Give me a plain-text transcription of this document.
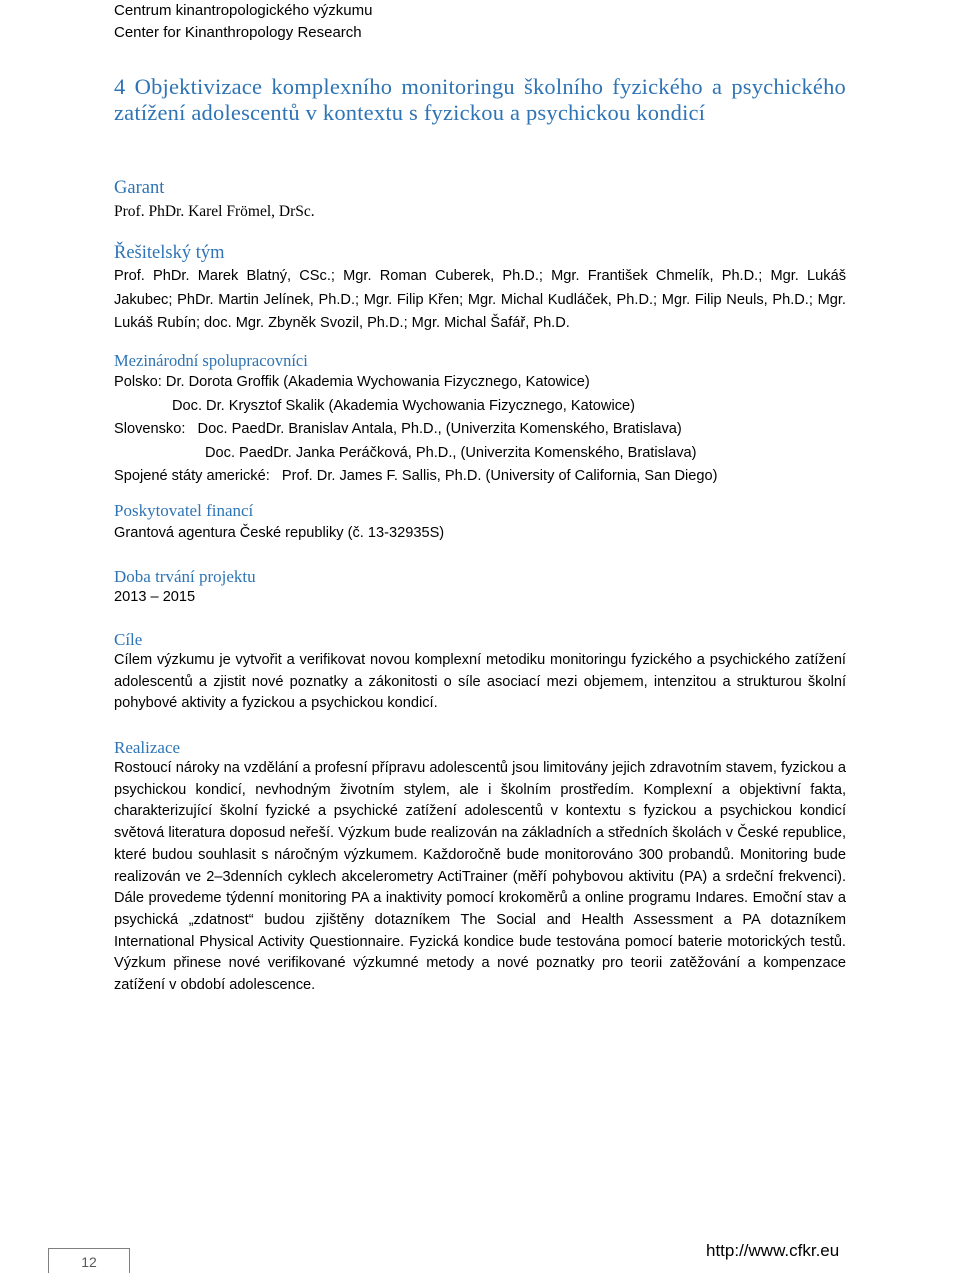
Centrum kinantropologického výzkumu
Center for Kinanthropology Research
4 Objektivizace komplexního monitoringu školního fyzického a psychického zatížení adolescentů v kontextu s fyzickou a psychickou kondicí
Garant
Prof. PhDr. Karel Frömel, DrSc.
Řešitelský tým
Prof. PhDr. Marek Blatný, CSc.; Mgr. Roman Cuberek, Ph.D.; Mgr. František Chmelík, Ph.D.; Mgr. Lukáš Jakubec; PhDr. Martin Jelínek, Ph.D.; Mgr. Filip Křen; Mgr. Michal Kudláček, Ph.D.; Mgr. Filip Neuls, Ph.D.; Mgr. Lukáš Rubín; doc. Mgr. Zbyněk Svozil, Ph.D.; Mgr. Michal Šafář, Ph.D.
Mezinárodní spolupracovníci
Polsko: Dr. Dorota Groffik (Akademia Wychowania Fizycznego, Katowice)
Doc. Dr. Krysztof Skalik (Akademia Wychowania Fizycznego, Katowice)
Slovensko:   Doc. PaedDr. Branislav Antala, Ph.D., (Univerzita Komenského, Bratislava)
Doc. PaedDr. Janka Peráčková, Ph.D., (Univerzita Komenského, Bratislava)
Spojené státy americké:   Prof. Dr. James F. Sallis, Ph.D. (University of California, San Diego)
Poskytovatel financí
Grantová agentura České republiky (č. 13-32935S)
Doba trvání projektu
2013 – 2015
Cíle
Cílem výzkumu je vytvořit a verifikovat novou komplexní metodiku monitoringu fyzického a psychického zatížení adolescentů a zjistit nové poznatky a zákonitosti o síle asociací mezi objemem, intenzitou a strukturou školní pohybové aktivity a fyzickou a psychickou kondicí.
Realizace
Rostoucí nároky na vzdělání a profesní přípravu adolescentů jsou limitovány jejich zdravotním stavem, fyzickou a psychickou kondicí, nevhodným životním stylem, ale i školním prostředím. Komplexní a objektivní fakta, charakterizující školní fyzické a psychické zatížení adolescentů v kontextu s fyzickou a psychickou kondicí světová literatura doposud neřeší. Výzkum bude realizován na základních a středních školách v České republice, které budou souhlasit s náročným výzkumem. Každoročně bude monitorováno 300 probandů. Monitoring bude realizován ve 2–3denních cyklech akcelerometry ActiTrainer (měří pohybovou aktivitu (PA) a srdeční frekvenci). Dále provedeme týdenní monitoring PA a inaktivity pomocí krokoměrů a online programu Indares. Emoční stav a psychická „zdatnost“ budou zjištěny dotazníkem The Social and Health Assessment a PA dotazníkem International Physical Activity Questionnaire. Fyzická kondice bude testována pomocí baterie motorických testů. Výzkum přinese nové verifikované výzkumné metody a nové poznatky pro teorii zatěžování a kompenzace zatížení v období adolescence.
12
http://www.cfkr.eu
